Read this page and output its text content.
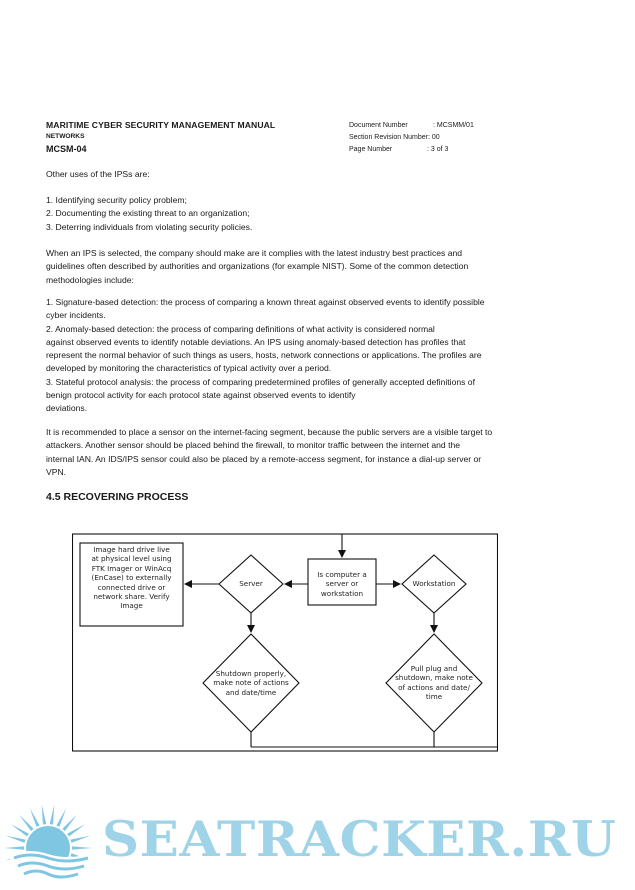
MARITIME CYBER SECURITY MANAGEMENT MANUAL
NETWORKS
MCSM-04
Document Number	: MCSMM/01
Section Revision Number: 00
Page Number	: 3 of 3

Other uses of the IPSs are:

1. Identifying security policy problem;

2. Documenting the existing threat to an organization;

3. Deterring individuals from violating security policies.

When an IPS is selected, the company should make are it complies with the latest industry best practices and

guidelines often described by authorities and organizations (for example NIST). Some of the common detection

methodologies include:

1. Signature-based detection: the process of comparing a known threat against observed events to identify possible

cyber incidents.

2. Anomaly-based detection: the process of comparing definitions of what activity is considered normal

against observed events to identify notable deviations. An IPS using anomaly-based detection has profiles that

represent the normal behavior of such things as users, hosts, network connections or applications. The profiles are

developed by monitoring the characteristics of typical activity over a period.

3. Stateful protocol analysis: the process of comparing predetermined profiles of generally accepted definitions of

benign protocol activity for each protocol state against observed events to identify

deviations.

It is recommended to place a sensor on the internet-facing segment, because the public servers are a visible target to

attackers. Another sensor should be placed behind the firewall, to monitor traffic between the internet and the

internal IAN. An IDS/IPS sensor could also be placed by a remote-access segment, for instance a dial-up server or

VPN.

4.5 RECOVERING PROCESS
Image hard drive live
at physical level using
FTK Imager or WinAcq
(EnCase) to externally
connected drive or
network share. Verify
Image
Server
Is computer a
server or
workstation
Workstation
Shutdown properly,
make note of actions
and date/time
Pull plug and
shutdown, make note
of actions and date/
time
SEATRACKER.RU
